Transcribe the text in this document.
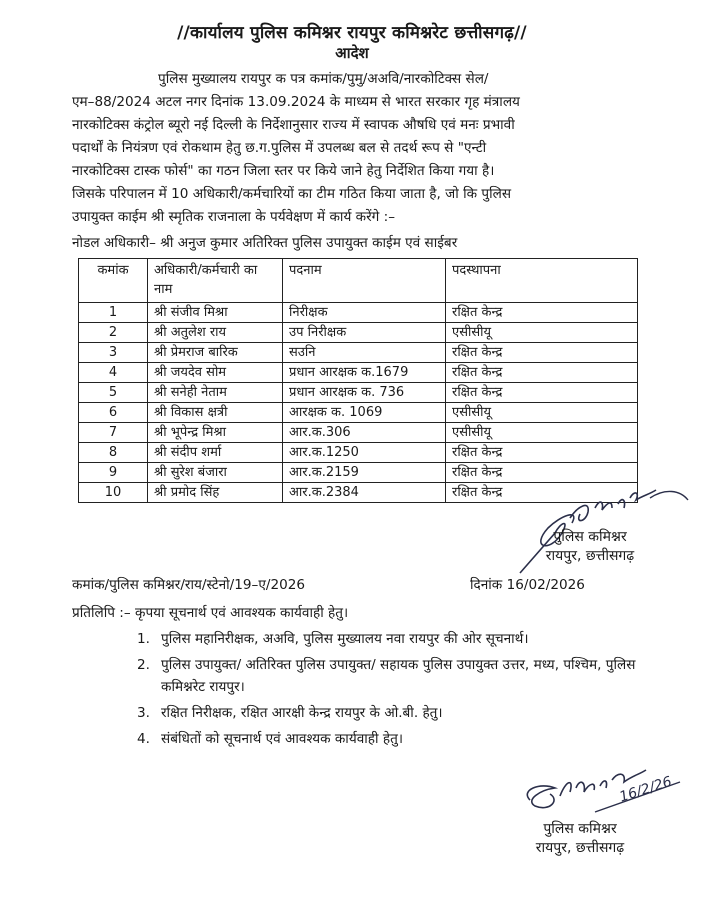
//कार्यालय पुलिस कमिश्नर रायपुर कमिश्नरेट छत्तीसगढ़//
आदेश
पुलिस मुख्यालय रायपुर क पत्र कमांक/पुमु/अअवि/नारकोटिक्स सेल/
एम–88/2024 अटल नगर दिनांक 13.09.2024 के माध्यम से भारत सरकार गृह मंत्रालय
नारकोटिक्स कंट्रोल ब्यूरो नई दिल्ली के निर्देशानुसार राज्य में स्वापक औषधि एवं मनः प्रभावी
पदार्थों के नियंत्रण एवं रोकथाम हेतु छ.ग.पुलिस में उपलब्ध बल से तदर्थ रूप से "एन्टी
नारकोटिक्स टास्क फोर्स" का गठन जिला स्तर पर किये जाने हेतु निर्देशित किया गया है।
जिसके परिपालन में 10 अधिकारी/कर्मचारियों का टीम गठित किया जाता है, जो कि पुलिस
उपायुक्त काईम श्री स्मृतिक राजनाला के पर्यवेक्षण में कार्य करेंगे :–
नोडल अधिकारी– श्री अनुज कुमार अतिरिक्त पुलिस उपायुक्त काईम एवं साईबर
कमांक	अधिकारी/कर्मचारी का नाम	पदनाम	पदस्थापना
1	श्री संजीव मिश्रा	निरीक्षक	रक्षित केन्द्र
2	श्री अतुलेश राय	उप निरीक्षक	एसीसीयू
3	श्री प्रेमराज बारिक	सउनि	रक्षित केन्द्र
4	श्री जयदेव सोम	प्रधान आरक्षक क.1679	रक्षित केन्द्र
5	श्री सनेही नेताम	प्रधान आरक्षक क. 736	रक्षित केन्द्र
6	श्री विकास क्षत्री	आरक्षक क. 1069	एसीसीयू
7	श्री भूपेन्द्र मिश्रा	आर.क.306	एसीसीयू
8	श्री संदीप शर्मा	आर.क.1250	रक्षित केन्द्र
9	श्री सुरेश बंजारा	आर.क.2159	रक्षित केन्द्र
10	श्री प्रमोद सिंह	आर.क.2384	रक्षित केन्द्र
पुलिस कमिश्नर
रायपुर, छत्तीसगढ़
कमांक/पुलिस कमिश्नर/राय/स्टेनो/19–ए/2026	दिनांक 16/02/2026
प्रतिलिपि :– कृपया सूचनार्थ एवं आवश्यक कार्यवाही हेतु।
1. पुलिस महानिरीक्षक, अअवि, पुलिस मुख्यालय नवा रायपुर की ओर सूचनार्थ।
2. पुलिस उपायुक्त/ अतिरिक्त पुलिस उपायुक्त/ सहायक पुलिस उपायुक्त उत्तर, मध्य, पश्चिम, पुलिस कमिश्नरेट रायपुर।
3. रक्षित निरीक्षक, रक्षित आरक्षी केन्द्र रायपुर के ओ.बी. हेतु।
4. संबंधितों को सूचनार्थ एवं आवश्यक कार्यवाही हेतु।
16/2/26
पुलिस कमिश्नर
रायपुर, छत्तीसगढ़
